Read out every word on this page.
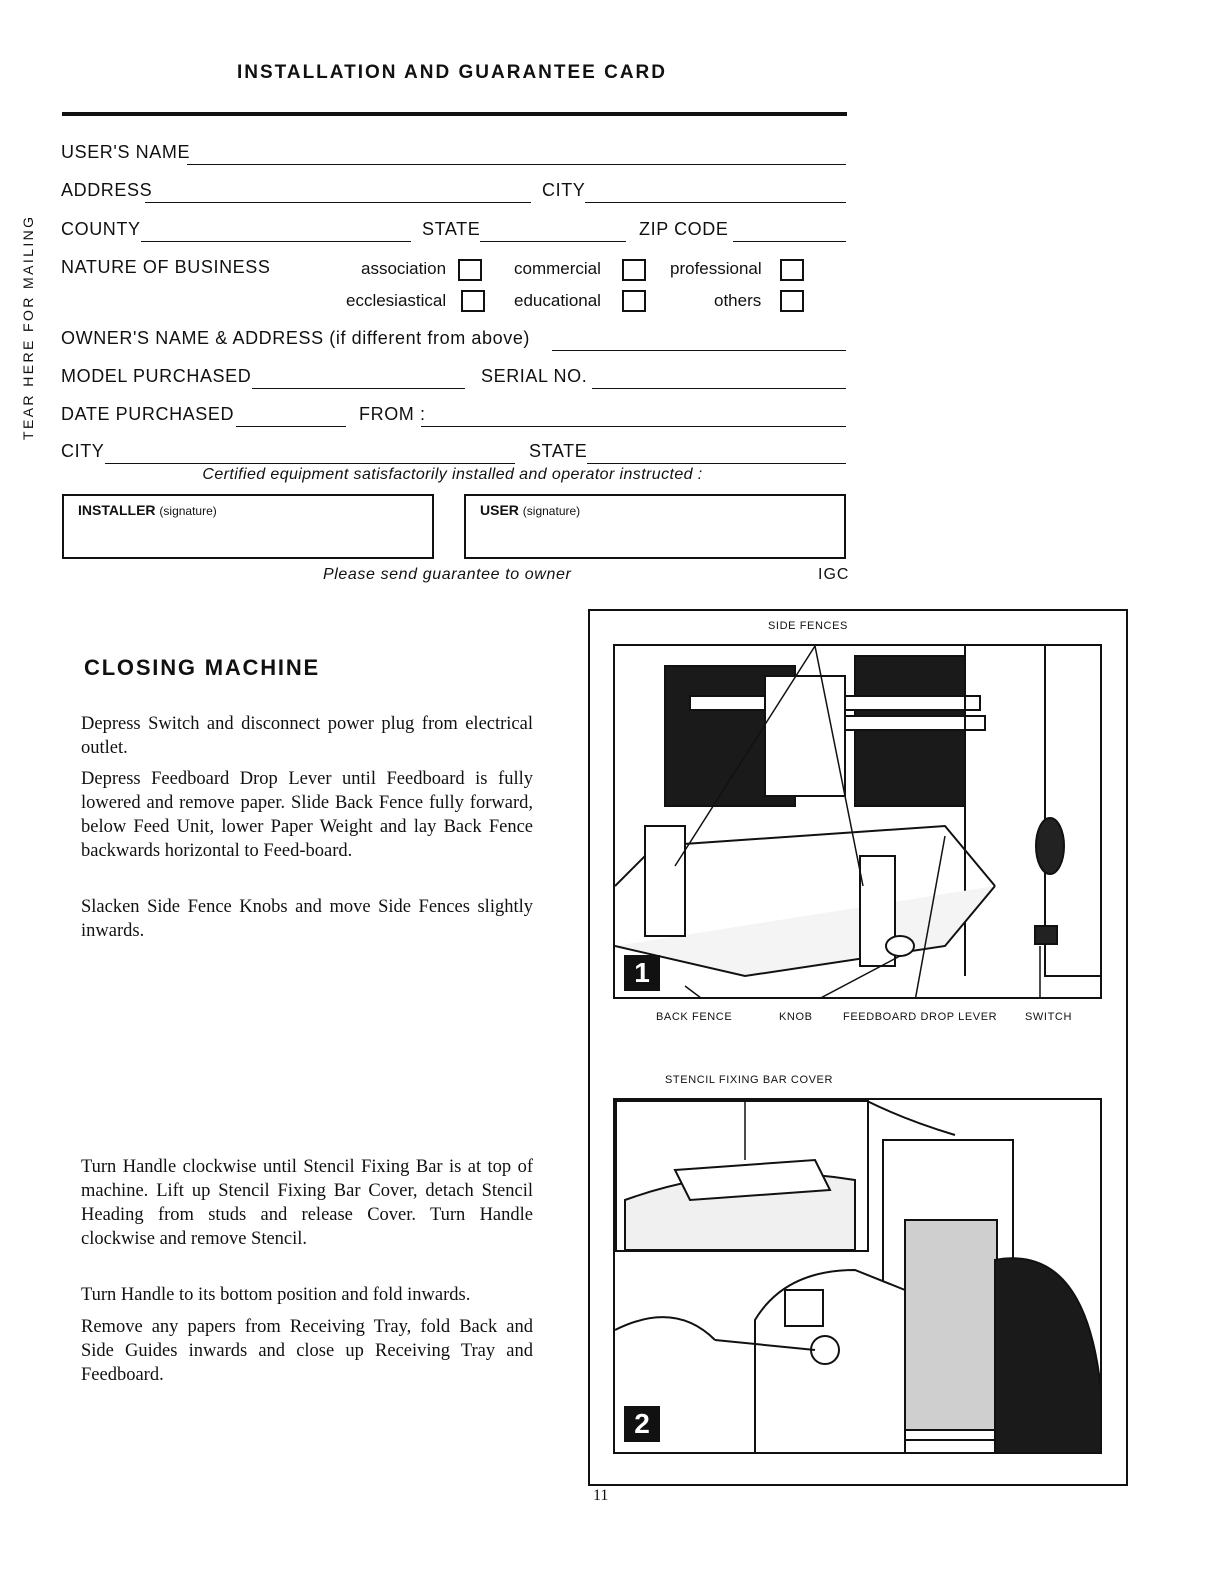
INSTALLATION AND GUARANTEE CARD
TEAR HERE FOR MAILING
USER'S NAME
ADDRESS	CITY
COUNTY	STATE	ZIP CODE
NATURE OF BUSINESS	association	commercial	professional
ecclesiastical	educational	others
OWNER'S NAME & ADDRESS (if different from above)
MODEL PURCHASED	SERIAL NO.
DATE PURCHASED	FROM :
CITY	STATE
Certified equipment satisfactorily installed and operator instructed :
INSTALLER (signature)	USER (signature)
Please send guarantee to owner	IGC
CLOSING MACHINE

Depress Switch and disconnect power plug from electrical outlet.

Depress Feedboard Drop Lever until Feedboard is fully lowered and remove paper. Slide Back Fence fully forward, below Feed Unit, lower Paper Weight and lay Back Fence backwards horizontal to Feed-board.

Slacken Side Fence Knobs and move Side Fences slightly inwards.

Turn Handle clockwise until Stencil Fixing Bar is at top of machine. Lift up Stencil Fixing Bar Cover, detach Stencil Heading from studs and release Cover. Turn Handle clockwise and remove Stencil.

Turn Handle to its bottom position and fold inwards.

Remove any papers from Receiving Tray, fold Back and Side Guides inwards and close up Receiving Tray and Feedboard.

SIDE FENCES
1
BACK FENCE	KNOB	FEEDBOARD DROP LEVER	SWITCH
STENCIL FIXING BAR COVER
2
11
